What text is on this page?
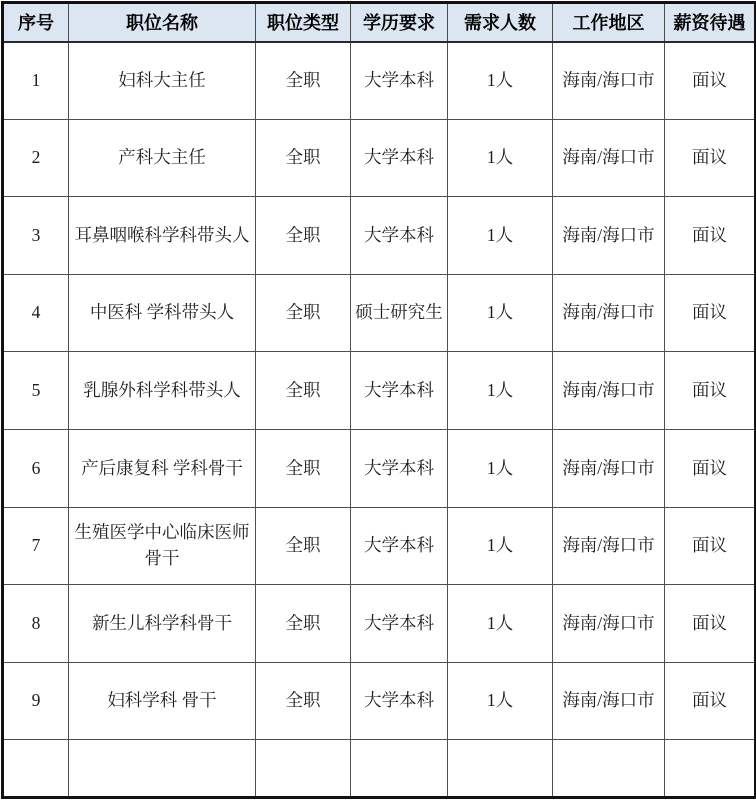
序号	职位名称	职位类型	学历要求	需求人数	工作地区	薪资待遇
1	妇科大主任	全职	大学本科	1人	海南/海口市	面议
2	产科大主任	全职	大学本科	1人	海南/海口市	面议
3	耳鼻咽喉科学科带头人	全职	大学本科	1人	海南/海口市	面议
4	中医科 学科带头人	全职	硕士研究生	1人	海南/海口市	面议
5	乳腺外科学科带头人	全职	大学本科	1人	海南/海口市	面议
6	产后康复科 学科骨干	全职	大学本科	1人	海南/海口市	面议
7	生殖医学中心临床医师骨干	全职	大学本科	1人	海南/海口市	面议
8	新生儿科学科骨干	全职	大学本科	1人	海南/海口市	面议
9	妇科学科 骨干	全职	大学本科	1人	海南/海口市	面议
